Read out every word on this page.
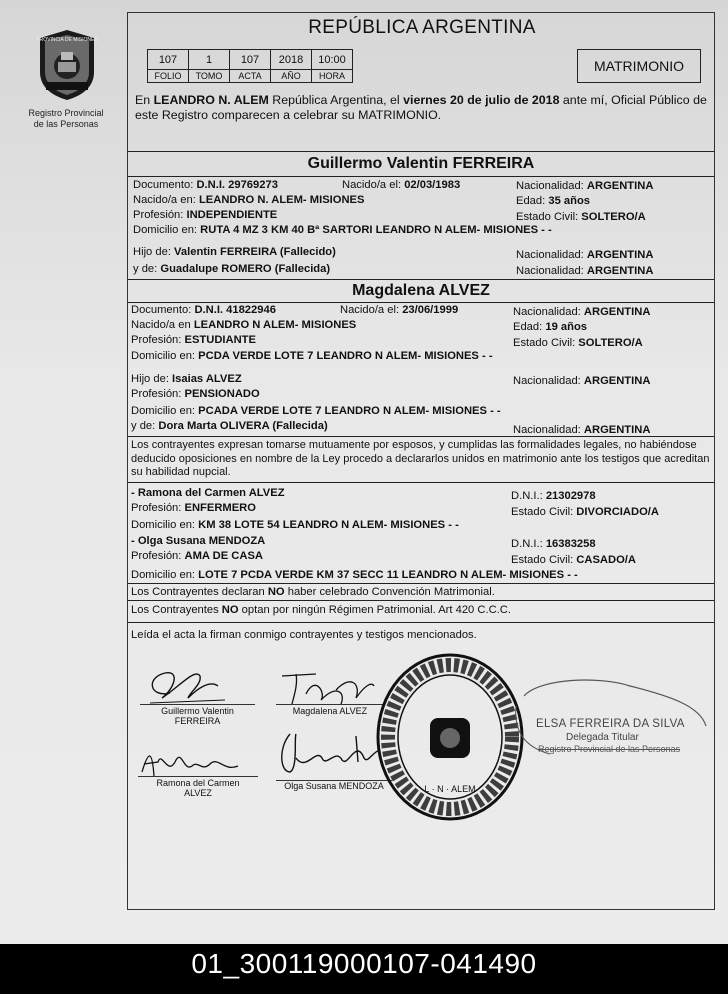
PROVINCIA DE MISIONES
Registro Provincial
de las Personas
REPÚBLICA ARGENTINA
107	1	107	2018	10:00
FOLIO	TOMO	ACTA	AÑO	HORA
MATRIMONIO
En LEANDRO N. ALEM República Argentina, el viernes 20 de julio de 2018 ante mí, Oficial Público de este Registro comparecen a celebrar su MATRIMONIO.
Guillermo Valentin FERREIRA
Documento: D.N.I. 29769273	Nacido/a el: 02/03/1983	Nacionalidad: ARGENTINA
Nacido/a en: LEANDRO N. ALEM- MISIONES	Edad: 35 años
Profesión: INDEPENDIENTE	Estado Civil: SOLTERO/A
Domicilio en: RUTA 4 MZ 3 KM 40 Bª SARTORI LEANDRO N ALEM- MISIONES - -
Hijo de: Valentin FERREIRA (Fallecido)	Nacionalidad: ARGENTINA
y de: Guadalupe ROMERO (Fallecida)	Nacionalidad: ARGENTINA
Magdalena ALVEZ
Documento: D.N.I. 41822946	Nacido/a el: 23/06/1999	Nacionalidad: ARGENTINA
Nacido/a en LEANDRO N ALEM- MISIONES	Edad: 19 años
Profesión: ESTUDIANTE	Estado Civil: SOLTERO/A
Domicilio en: PCDA VERDE LOTE 7 LEANDRO N ALEM- MISIONES - -
Hijo de: Isaias ALVEZ	Nacionalidad: ARGENTINA
Profesión: PENSIONADO
Domicilio en: PCADA VERDE LOTE 7 LEANDRO N ALEM- MISIONES - -
y de: Dora Marta OLIVERA (Fallecida)	Nacionalidad: ARGENTINA
Los contrayentes expresan tomarse mutuamente por esposos, y cumplidas las formalidades legales, no habiéndose deducido oposiciones en nombre de la Ley procedo a declararlos unidos en matrimonio ante los testigos que acreditan su habilidad nupcial.
- Ramona del Carmen ALVEZ	D.N.I.: 21302978
Profesión: ENFERMERO	Estado Civil: DIVORCIADO/A
Domicilio en: KM 38 LOTE 54 LEANDRO N ALEM- MISIONES - -
- Olga Susana MENDOZA	D.N.I.: 16383258
Profesión: AMA DE CASA	Estado Civil: CASADO/A
Domicilio en: LOTE 7 PCDA VERDE KM 37 SECC 11 LEANDRO N ALEM- MISIONES - -
Los Contrayentes declaran NO haber celebrado Convención Matrimonial.
Los Contrayentes NO optan por ningún Régimen Patrimonial. Art 420 C.C.C.
Leída el acta la firman conmigo contrayentes y testigos mencionados.
Guillermo Valentin
FERREIRA
Magdalena ALVEZ
Ramona del Carmen
ALVEZ
Olga Susana MENDOZA	L · N · ALEM
ELSA FERREIRA DA SILVA
Delegada Titular
Registro Provincial de las Personas
01_300119000107-041490
